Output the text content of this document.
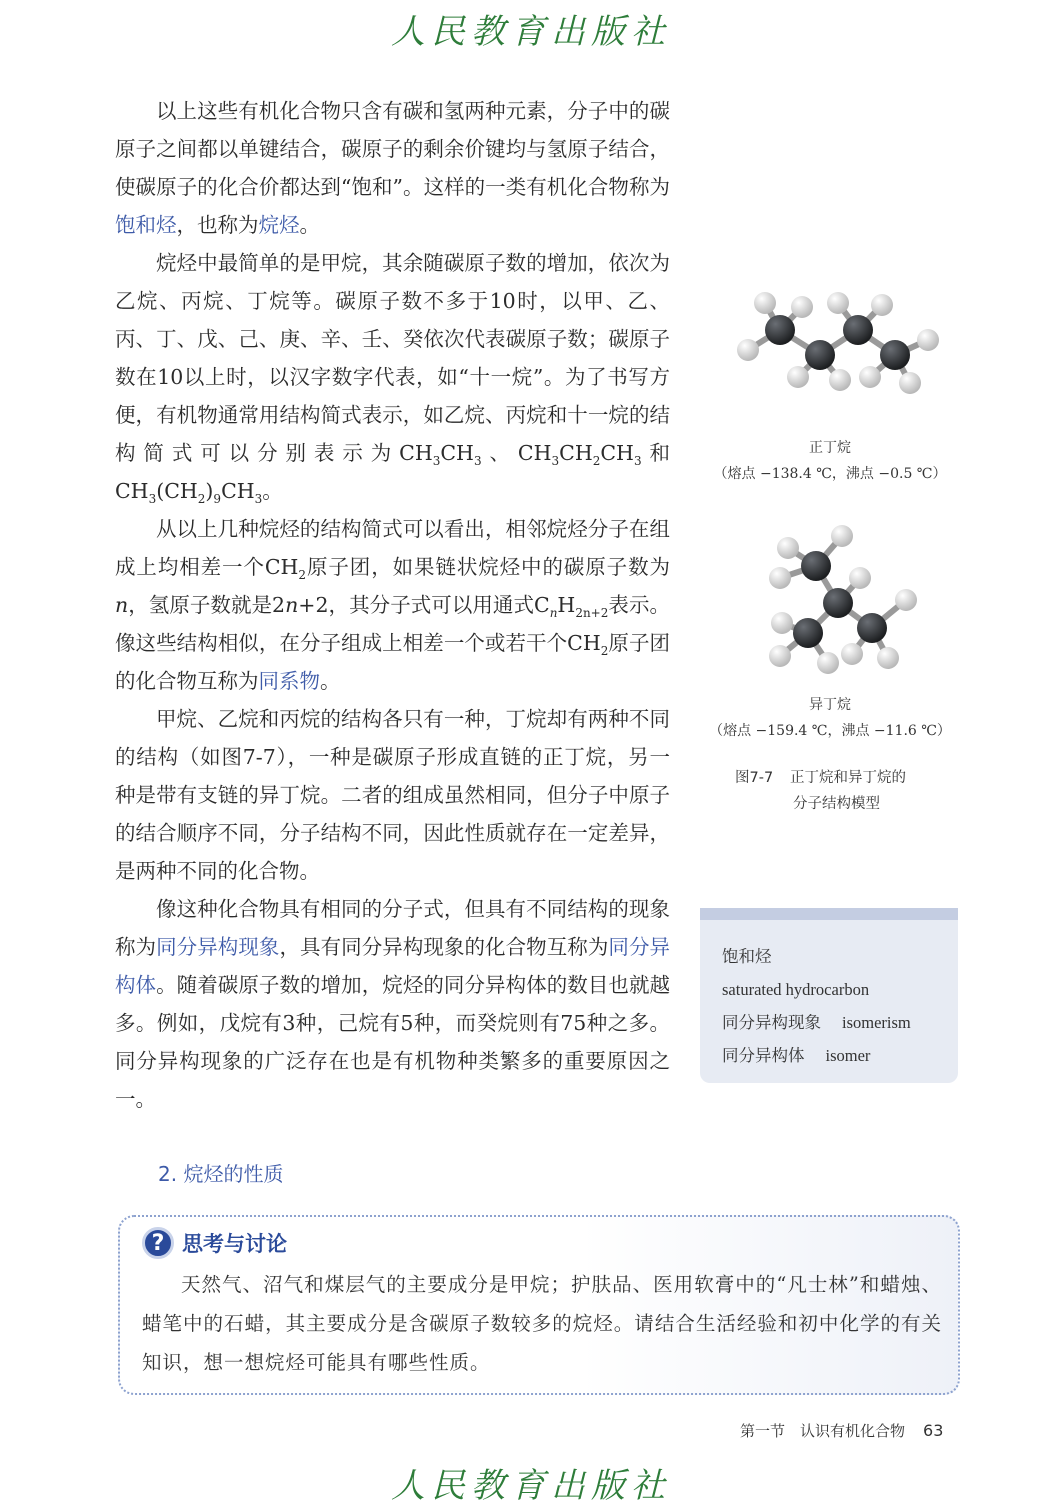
人民教育出版社

以上这些有机化合物只含有碳和氢两种元素，分子中的碳原子之间都以单键结合，碳原子的剩余价键均与氢原子结合，使碳原子的化合价都达到“饱和”。这样的一类有机化合物称为饱和烃，也称为烷烃。

烷烃中最简单的是甲烷，其余随碳原子数的增加，依次为乙烷、丙烷、丁烷等。碳原子数不多于10时，以甲、乙、丙、丁、戊、己、庚、辛、壬、癸依次代表碳原子数；碳原子数在10以上时，以汉字数字代表，如“十一烷”。为了书写方便，有机物通常用结构简式表示，如乙烷、丙烷和十一烷的结构简式可以分别表示为$CH_3CH_3$、$CH_3CH_2CH_3$和$CH_3(CH_2)_9CH_3$。

从以上几种烷烃的结构简式可以看出，相邻烷烃分子在组成上均相差一个$CH_2$原子团，如果链状烷烃中的碳原子数为n，氢原子数就是2n+2，其分子式可以用通式$C_nH_{2n+2}$表示。像这些结构相似，在分子组成上相差一个或若干个$CH_2$原子团的化合物互称为同系物。

甲烷、乙烷和丙烷的结构各只有一种，丁烷却有两种不同的结构（如图7-7），一种是碳原子形成直链的正丁烷，另一种是带有支链的异丁烷。二者的组成虽然相同，但分子中原子的结合顺序不同，分子结构不同，因此性质就存在一定差异，是两种不同的化合物。

像这种化合物具有相同的分子式，但具有不同结构的现象称为同分异构现象，具有同分异构现象的化合物互称为同分异构体。随着碳原子数的增加，烷烃的同分异构体的数目也就越多。例如，戊烷有3种，己烷有5种，而癸烷则有75种之多。同分异构现象的广泛存在也是有机物种类繁多的重要原因之一。

正丁烷
（熔点 −138.4 ℃，沸点 −0.5 ℃）
异丁烷
（熔点 −159.4 ℃，沸点 −11.6 ℃）
图7-7 正丁烷和异丁烷的
分子结构模型
饱和烃
saturated hydrocarbon
同分异构现象 isomerism
同分异构体 isomer
2. 烷烃的性质
? 思考与讨论

天然气、沼气和煤层气的主要成分是甲烷；护肤品、医用软膏中的“凡士林”和蜡烛、蜡笔中的石蜡，其主要成分是含碳原子数较多的烷烃。请结合生活经验和初中化学的有关知识，想一想烷烃可能具有哪些性质。

第一节　认识有机化合物 63
人民教育出版社
